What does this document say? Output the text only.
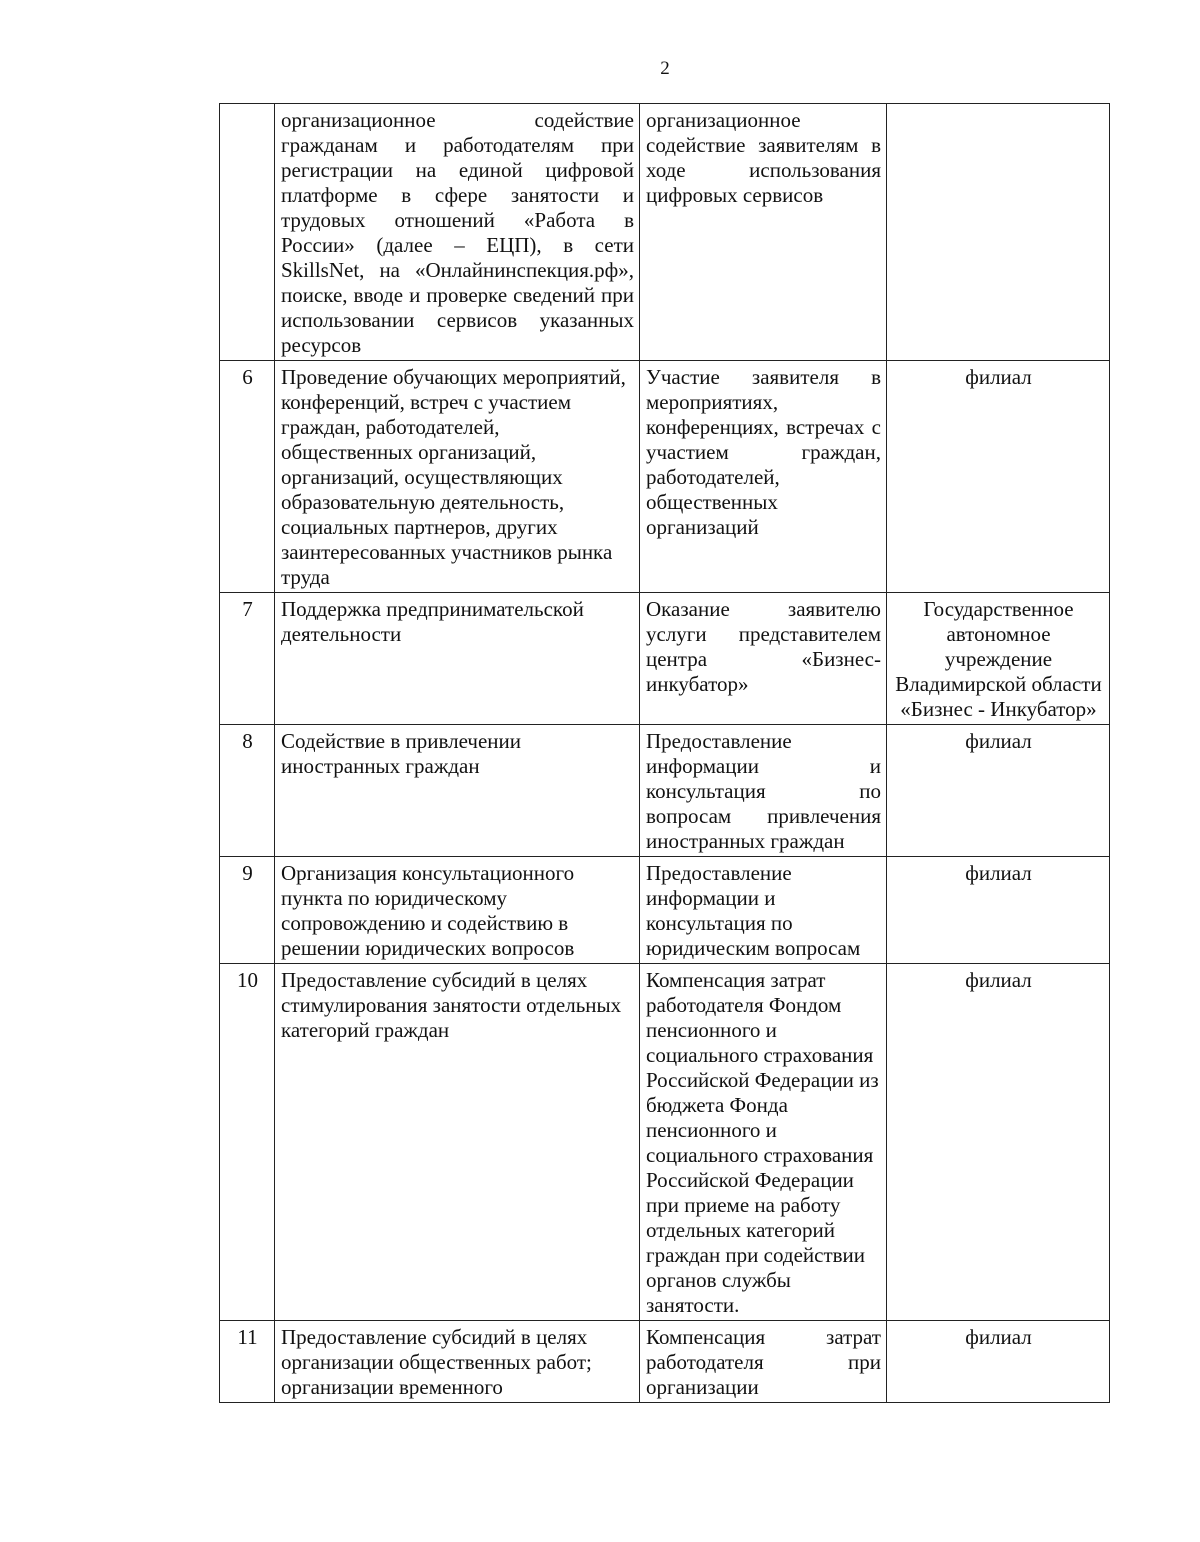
2
	организационное содействие гражданам и работодателям при регистрации на единой цифровой платформе в сфере занятости и трудовых отношений «Работа в России» (далее – ЕЦП), в сети SkillsNet, на «Онлайнинспекция.рф», поиске, вводе и проверке сведений при использовании сервисов указанных ресурсов	организационное содействие заявителям в ходе использования цифровых сервисов	
6	Проведение обучающих мероприятий, конференций, встреч с участием граждан, работодателей, общественных организаций, организаций, осуществляющих образовательную деятельность, социальных партнеров, других заинтересованных участников рынка труда	Участие заявителя в мероприятиях, конференциях, встречах с участием граждан, работодателей, общественных организаций	филиал
7	Поддержка предпринимательской деятельности	Оказание заявителю услуги представителем центра «Бизнес-инкубатор»	Государственное автономное учреждение Владимирской области «Бизнес - Инкубатор»
8	Содействие в привлечении иностранных граждан	Предоставление информации и консультация по вопросам привлечения иностранных граждан	филиал
9	Организация консультационного пункта по юридическому сопровождению и содействию в решении юридических вопросов	Предоставление информации и консультация по юридическим вопросам	филиал
10	Предоставление субсидий в целях стимулирования занятости отдельных категорий граждан	Компенсация затрат работодателя Фондом пенсионного и социального страхования Российской Федерации из бюджета Фонда пенсионного и социального страхования Российской Федерации при приеме на работу отдельных категорий граждан при содействии органов службы занятости.	филиал
11	Предоставление субсидий в целях организации общественных работ; организации временного	Компенсация затрат работодателя при организации	филиал
